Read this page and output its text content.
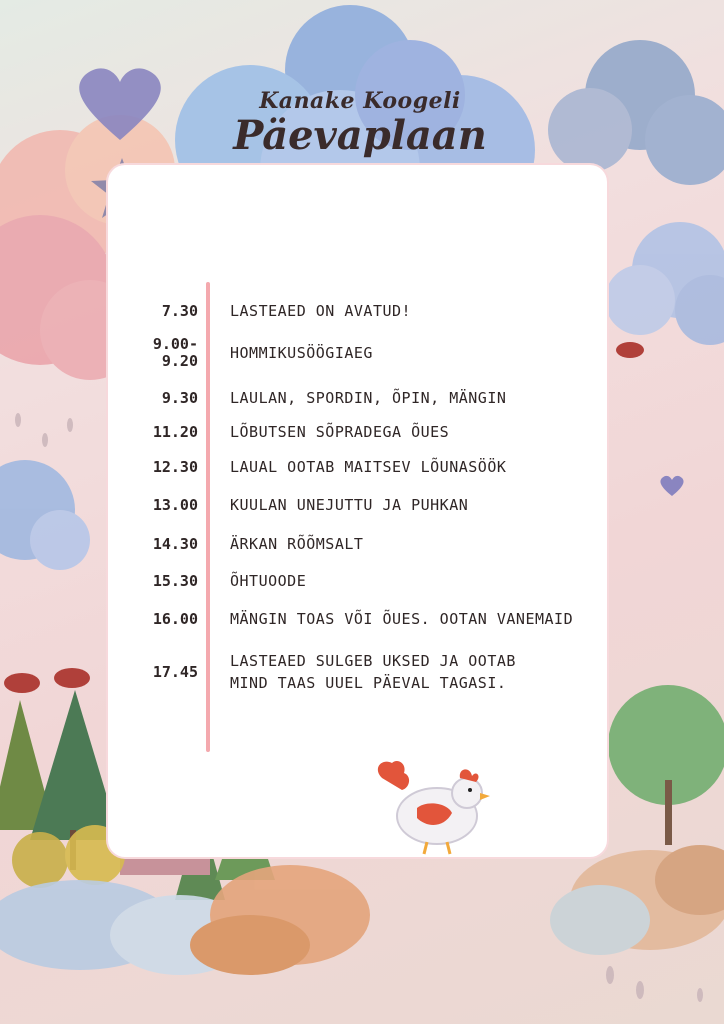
Kanake Koogeli
Päevaplaan
7.30 LASTEAED ON AVATUD!
9.00-
9.20 HOMMIKUSÖÖGIAEG
9.30 LAULAN, SPORDIN, ÕPIN, MÄNGIN
11.20 LÕBUTSEN SÕPRADEGA ÕUES
12.30 LAUAL OOTAB MAITSEV LÕUNASÖÖK
13.00 KUULAN UNEJUTTU JA PUHKAN
14.30 ÄRKAN RÕÕMSALT
15.30 ÕHTUOODE
16.00 MÄNGIN TOAS VÕI ÕUES. OOTAN VANEMAID
17.45
LASTEAED SULGEB UKSED JA OOTAB
MIND TAAS UUEL PÄEVAL TAGASI.
